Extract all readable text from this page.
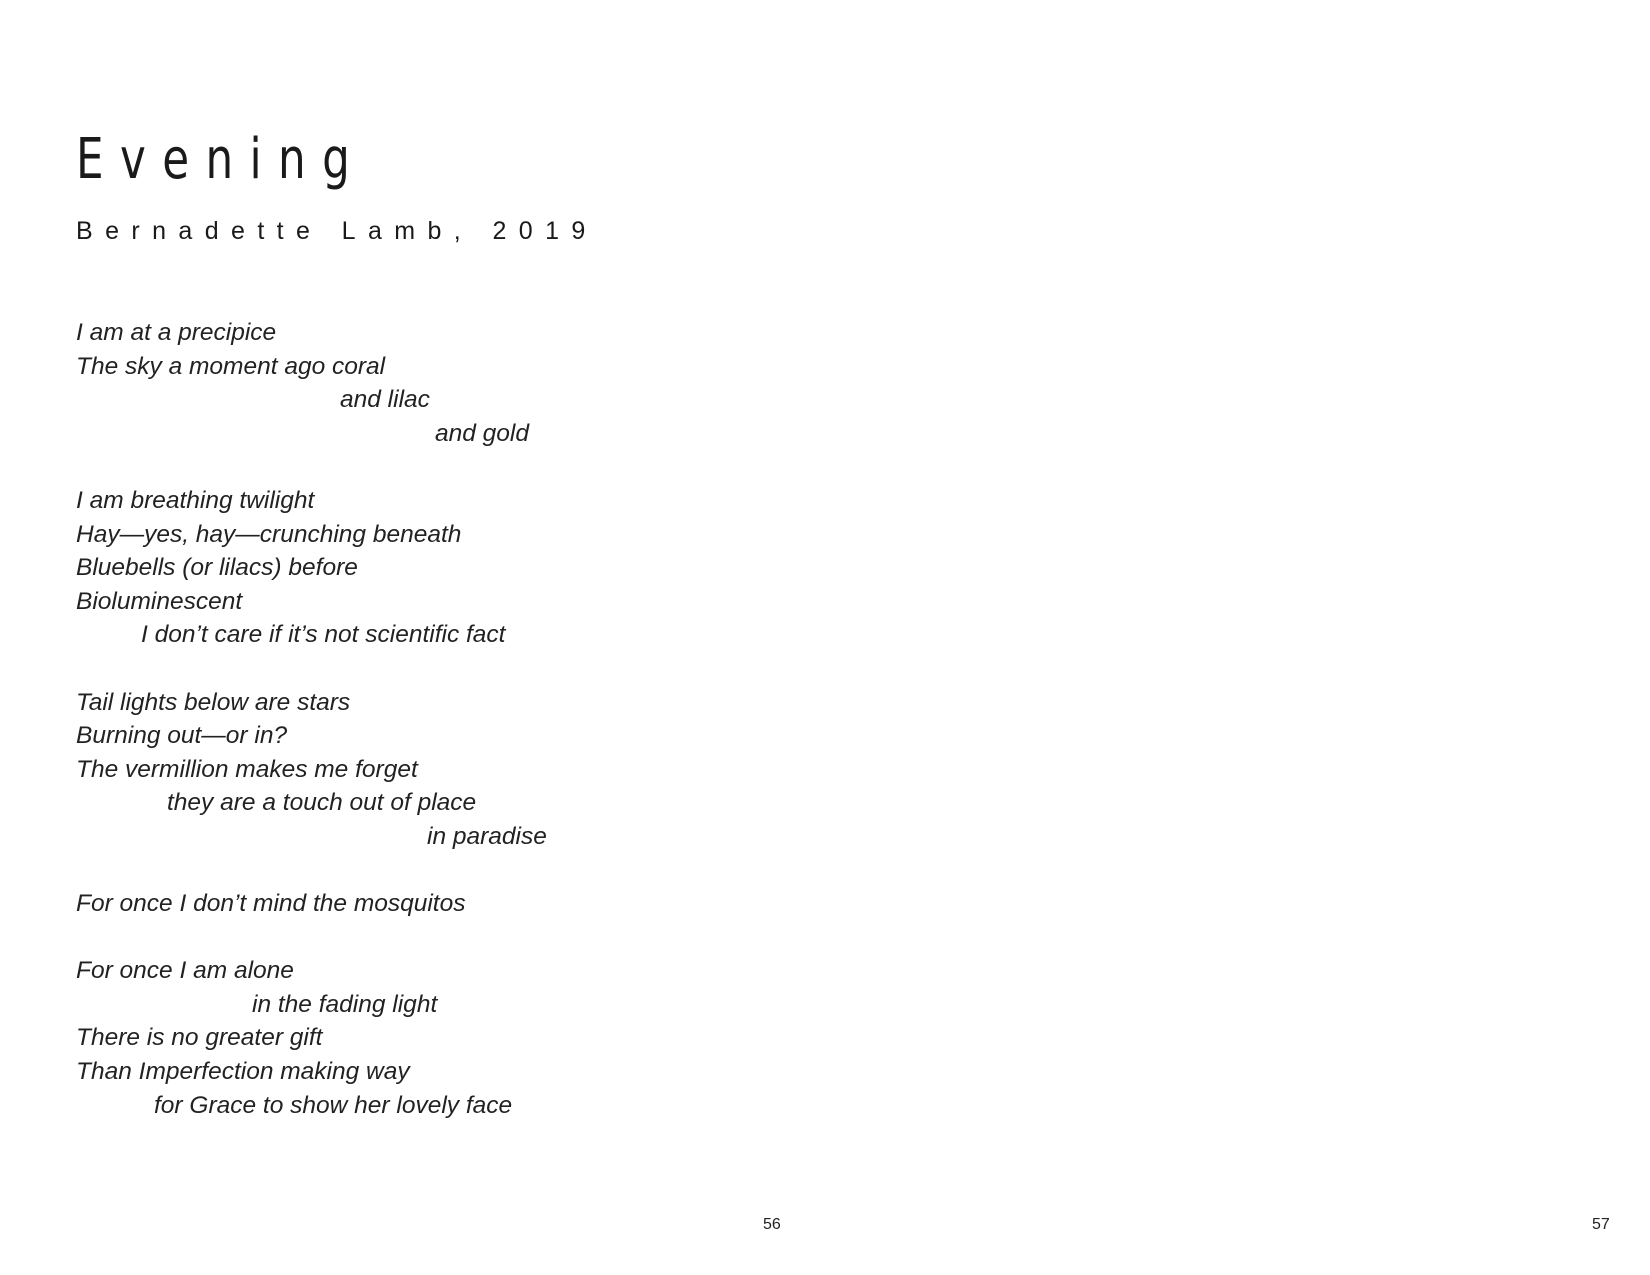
Evening

Bernadette Lamb, 2019

I am at a precipice
The sky a moment ago coral
and lilac
and gold
I am breathing twilight
Hay—yes, hay—crunching beneath
Bluebells (or lilacs) before
Bioluminescent
I don’t care if it’s not scientific fact
Tail lights below are stars
Burning out—or in?
The vermillion makes me forget
they are a touch out of place
in paradise
For once I don’t mind the mosquitos
For once I am alone
in the fading light
There is no greater gift
Than Imperfection making way
for Grace to show her lovely face
56	57
